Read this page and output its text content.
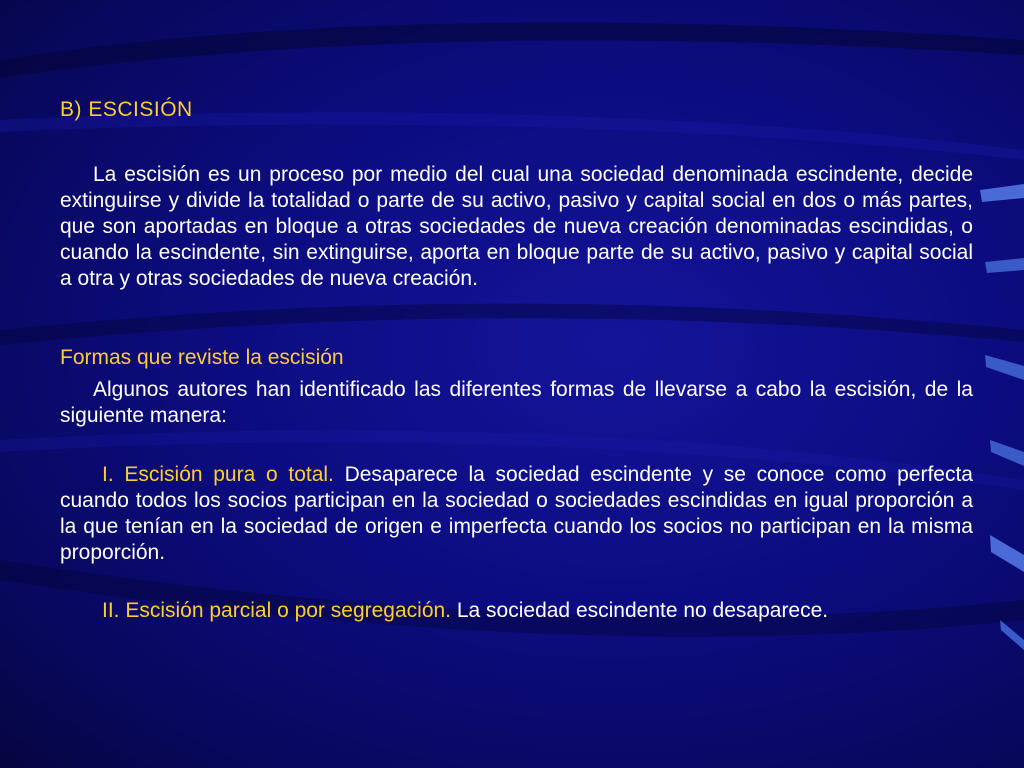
B) ESCISIÓN
La escisión es un proceso por medio del cual una sociedad denominada escindente, decide extinguirse y divide la totalidad o parte de su activo, pasivo y capital social en dos o más partes, que son aportadas en bloque a otras sociedades de nueva creación denominadas escindidas, o cuando la escindente, sin extinguirse, aporta en bloque parte de su activo, pasivo y capital social a otra y otras sociedades de nueva creación.
Formas que reviste la escisión
Algunos autores han identificado las diferentes formas de llevarse a cabo la escisión, de la siguiente manera:
I. Escisión pura o total. Desaparece la sociedad escindente y se conoce como perfecta cuando todos los socios participan en la sociedad o sociedades escindidas en igual proporción a la que tenían en la sociedad de origen e imperfecta cuando los socios no participan en la misma proporción.
II. Escisión parcial o por segregación. La sociedad escindente no desaparece.
